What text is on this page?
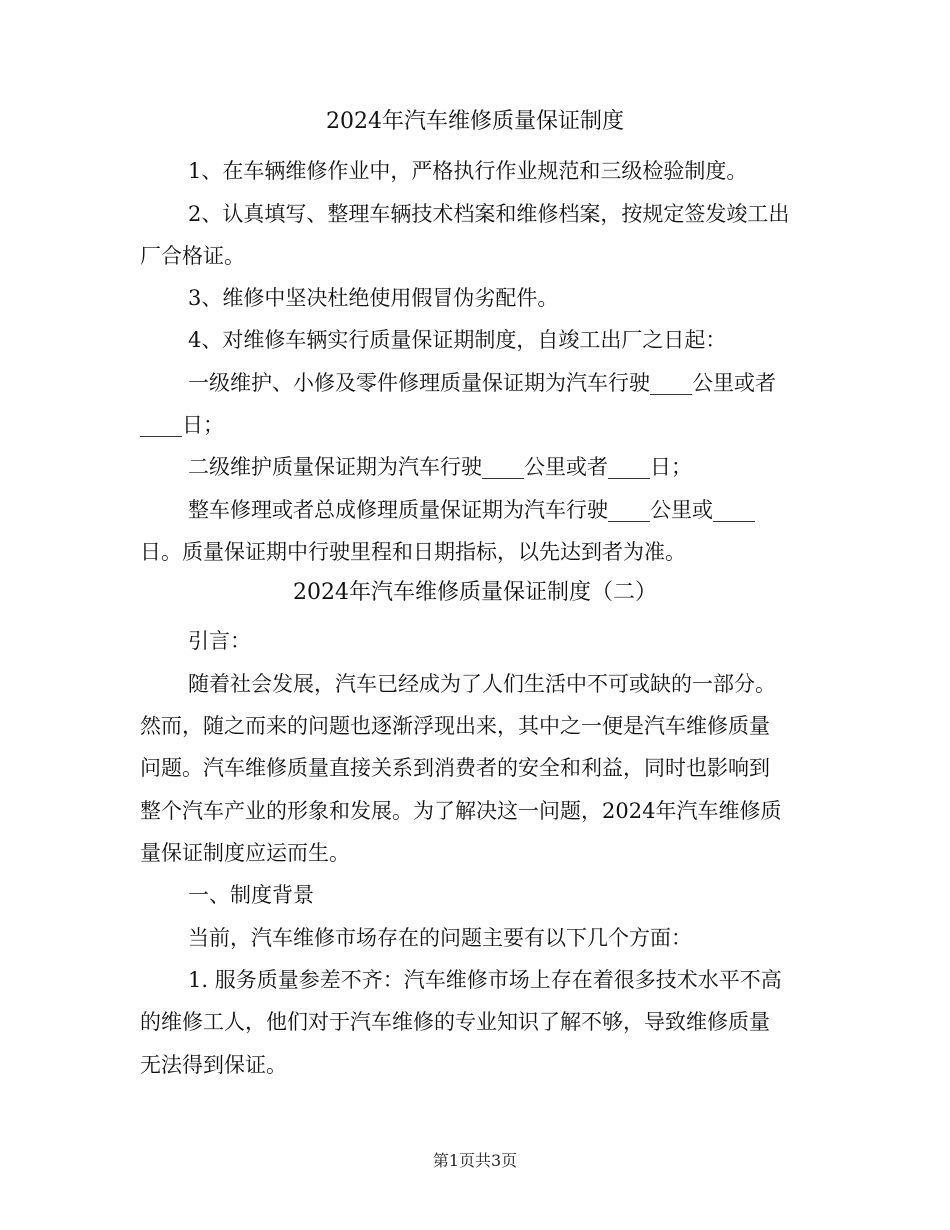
2024年汽车维修质量保证制度
1、在车辆维修作业中，严格执行作业规范和三级检验制度。
2、认真填写、整理车辆技术档案和维修档案，按规定签发竣工出
厂合格证。
3、维修中坚决杜绝使用假冒伪劣配件。
4、对维修车辆实行质量保证期制度，自竣工出厂之日起：
一级维护、小修及零件修理质量保证期为汽车行驶____公里或者
____日；
二级维护质量保证期为汽车行驶____公里或者____日；
整车修理或者总成修理质量保证期为汽车行驶____公里或____
日。质量保证期中行驶里程和日期指标，以先达到者为准。
2024年汽车维修质量保证制度（二）
引言：
随着社会发展，汽车已经成为了人们生活中不可或缺的一部分。
然而，随之而来的问题也逐渐浮现出来，其中之一便是汽车维修质量
问题。汽车维修质量直接关系到消费者的安全和利益，同时也影响到
整个汽车产业的形象和发展。为了解决这一问题，2024年汽车维修质
量保证制度应运而生。
一、制度背景
当前，汽车维修市场存在的问题主要有以下几个方面：
1. 服务质量参差不齐：汽车维修市场上存在着很多技术水平不高
的维修工人，他们对于汽车维修的专业知识了解不够，导致维修质量
无法得到保证。
第1页共3页
